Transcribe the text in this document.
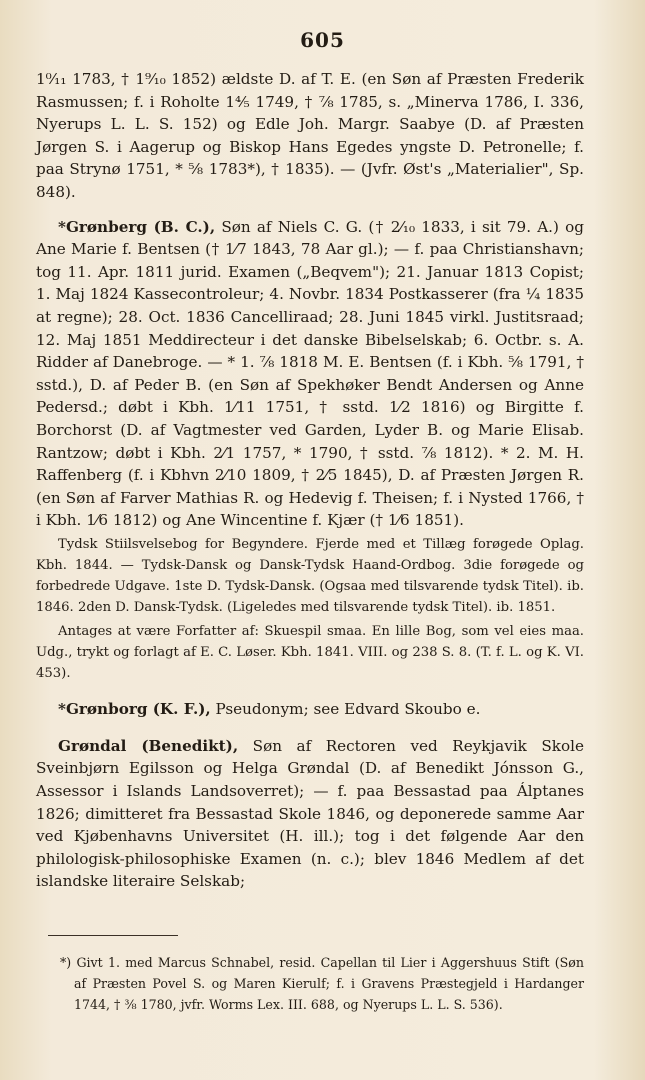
605

1⁰⁄₁₁ 1783, † 1⁹⁄₁₀ 1852) ældste D. af T. E. (en Søn af Præsten Frederik Rasmussen; f. i Roholte 1⁴⁄₅ 1749, † ⅞ 1785, s. „Minerva 1786, I. 336, Nyerups L. L. S. 152) og Edle Joh. Margr. Saabye (D. af Præsten Jørgen S. i Aagerup og Biskop Hans Egedes yngste D. Petronelle; f. paa Strynø 1751, * ⅝ 1783*), † 1835). — (Jvfr. Øst's „Materialier", Sp. 848).

*Grønberg (B. C.), Søn af Niels C. G. († 2⁄₁₀ 1833, i sit 79. A.) og Ane Marie f. Bentsen († 1⁄7 1843, 78 Aar gl.); — f. paa Christianshavn; tog 11. Apr. 1811 jurid. Examen („Beqvem"); 21. Januar 1813 Copist; 1. Maj 1824 Kassecontroleur; 4. Novbr. 1834 Postkasserer (fra ¼ 1835 at regne); 28. Oct. 1836 Cancelliraad; 28. Juni 1845 virkl. Justitsraad; 12. Maj 1851 Meddirecteur i det danske Bibelselskab; 6. Octbr. s. A. Ridder af Danebroge. — * 1. ⅞ 1818 M. E. Bentsen (f. i Kbh. ⅝ 1791, † sstd.), D. af Peder B. (en Søn af Spekhøker Bendt Andersen og Anne Pedersd.; døbt i Kbh. 1⁄11 1751, † sstd. 1⁄2 1816) og Birgitte f. Borchorst (D. af Vagtmester ved Garden, Lyder B. og Marie Elisab. Rantzow; døbt i Kbh. 2⁄1 1757, * 1790, † sstd. ⅞ 1812). * 2. M. H. Raffenberg (f. i Kbhvn 2⁄10 1809, † 2⁄5 1845), D. af Præsten Jørgen R. (en Søn af Farver Mathias R. og Hedevig f. Theisen; f. i Nysted 1766, † i Kbh. 1⁄6 1812) og Ane Wincentine f. Kjær († 1⁄6 1851).

Tydsk Stiilsvelsebog for Begyndere. Fjerde med et Tillæg forøgede Oplag. Kbh. 1844. — Tydsk-Dansk og Dansk-Tydsk Haand-Ordbog. 3die forøgede og forbedrede Udgave. 1ste D. Tydsk-Dansk. (Ogsaa med tilsvarende tydsk Titel). ib. 1846. 2den D. Dansk-Tydsk. (Ligeledes med tilsvarende tydsk Titel). ib. 1851.

Antages at være Forfatter af: Skuespil smaa. En lille Bog, som vel eies maa. Udg., trykt og forlagt af E. C. Løser. Kbh. 1841. VIII. og 238 S. 8. (T. f. L. og K. VI. 453).

*Grønborg (K. F.), Pseudonym; see Edvard Skoubo e.

Grøndal (Benedikt), Søn af Rectoren ved Reykjavik Skole Sveinbjørn Egilsson og Helga Grøndal (D. af Benedikt Jónsson G., Assessor i Islands Landsoverret); — f. paa Bessastad paa Álptanes 1826; dimitteret fra Bessastad Skole 1846, og deponerede samme Aar ved Kjøbenhavns Universitet (H. ill.); tog i det følgende Aar den philologisk-philosophiske Examen (n. c.); blev 1846 Medlem af det islandske literaire Selskab;

*) Givt 1. med Marcus Schnabel, resid. Capellan til Lier i Aggershuus Stift (Søn af Præsten Povel S. og Maren Kierulf; f. i Gravens Præstegjeld i Hardanger 1744, † ⅜ 1780, jvfr. Worms Lex. III. 688, og Nyerups L. L. S. 536).
